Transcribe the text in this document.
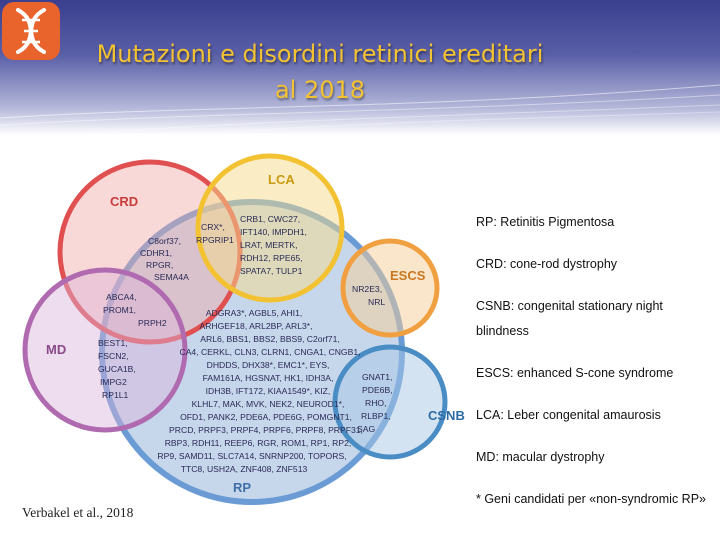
Mutazioni e disordini retinici ereditari
al 2018
CRD
LCA
ESCS
MD
CSNB
RP
C8orf37,
CDHR1,
RPGR,
SEMA4A
CRX*,
RPGRIP1
CRB1, CWC27,
IFT140, IMPDH1,
LRAT, MERTK,
RDH12, RPE65,
SPATA7, TULP1
NR2E3,
NRL
ABCA4,
PROM1,
PRPH2
BEST1,
FSCN2,
GUCA1B,
IMPG2
RP1L1
GNAT1,
PDE6B,
RHO,
RLBP1,
SAG
ADGRA3*, AGBL5, AHI1,
ARHGEF18, ARL2BP, ARL3*,
ARL6, BBS1, BBS2, BBS9, C2orf71,
CA4, CERKL, CLN3, CLRN1, CNGA1, CNGB1,
DHDDS, DHX38*, EMC1*, EYS,
FAM161A, HGSNAT, HK1, IDH3A,
IDH3B, IFT172, KIAA1549*, KIZ,
KLHL7, MAK, MVK, NEK2, NEUROD1*,
OFD1, PANK2, PDE6A, PDE6G, POMGNT1,
PRCD, PRPF3, PRPF4, PRPF6, PRPF8, PRPF31,
RBP3, RDH11, REEP6, RGR, ROM1, RP1, RP2,
RP9, SAMD11, SLC7A14, SNRNP200, TOPORS,
TTC8, USH2A, ZNF408, ZNF513

RP: Retinitis Pigmentosa

CRD: cone-rod dystrophy

CSNB: congenital stationary night blindness

ESCS: enhanced S-cone syndrome

LCA: Leber congenital amaurosis

MD: macular dystrophy

* Geni candidati per «non-syndromic RP»

Verbakel et al., 2018
